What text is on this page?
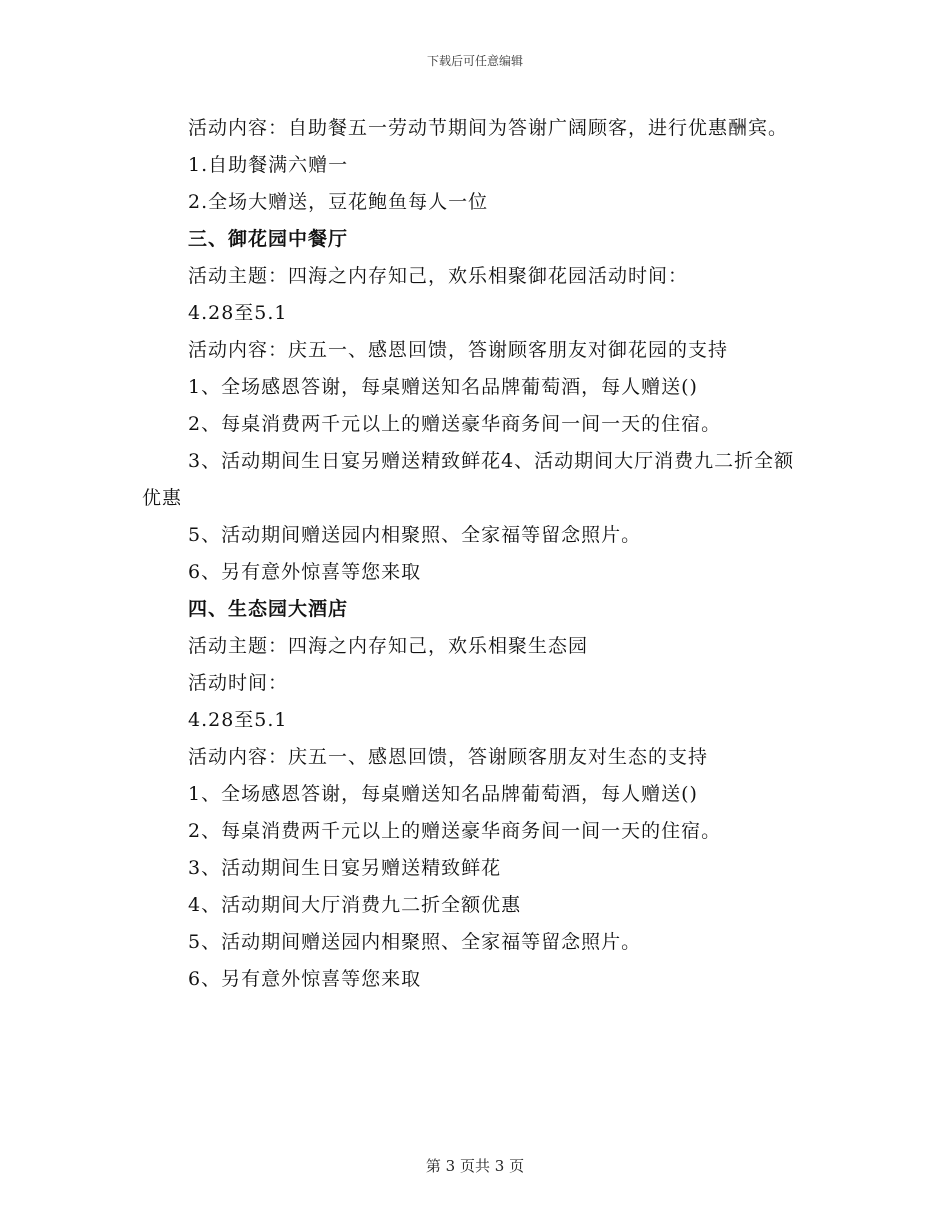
下载后可任意编辑
活动内容：自助餐五一劳动节期间为答谢广阔顾客，进行优惠酬宾。
1.自助餐满六赠一
2.全场大赠送，豆花鲍鱼每人一位
三、御花园中餐厅
活动主题：四海之内存知己，欢乐相聚御花园活动时间：
4.28至5.1
活动内容：庆五一、感恩回馈，答谢顾客朋友对御花园的支持
1、全场感恩答谢，每桌赠送知名品牌葡萄酒，每人赠送()
2、每桌消费两千元以上的赠送豪华商务间一间一天的住宿。
3、活动期间生日宴另赠送精致鲜花4、活动期间大厅消费九二折全额优惠
5、活动期间赠送园内相聚照、全家福等留念照片。
6、另有意外惊喜等您来取
四、生态园大酒店
活动主题：四海之内存知己，欢乐相聚生态园
活动时间：
4.28至5.1
活动内容：庆五一、感恩回馈，答谢顾客朋友对生态的支持
1、全场感恩答谢，每桌赠送知名品牌葡萄酒，每人赠送()
2、每桌消费两千元以上的赠送豪华商务间一间一天的住宿。
3、活动期间生日宴另赠送精致鲜花
4、活动期间大厅消费九二折全额优惠
5、活动期间赠送园内相聚照、全家福等留念照片。
6、另有意外惊喜等您来取
第 3 页共 3 页
